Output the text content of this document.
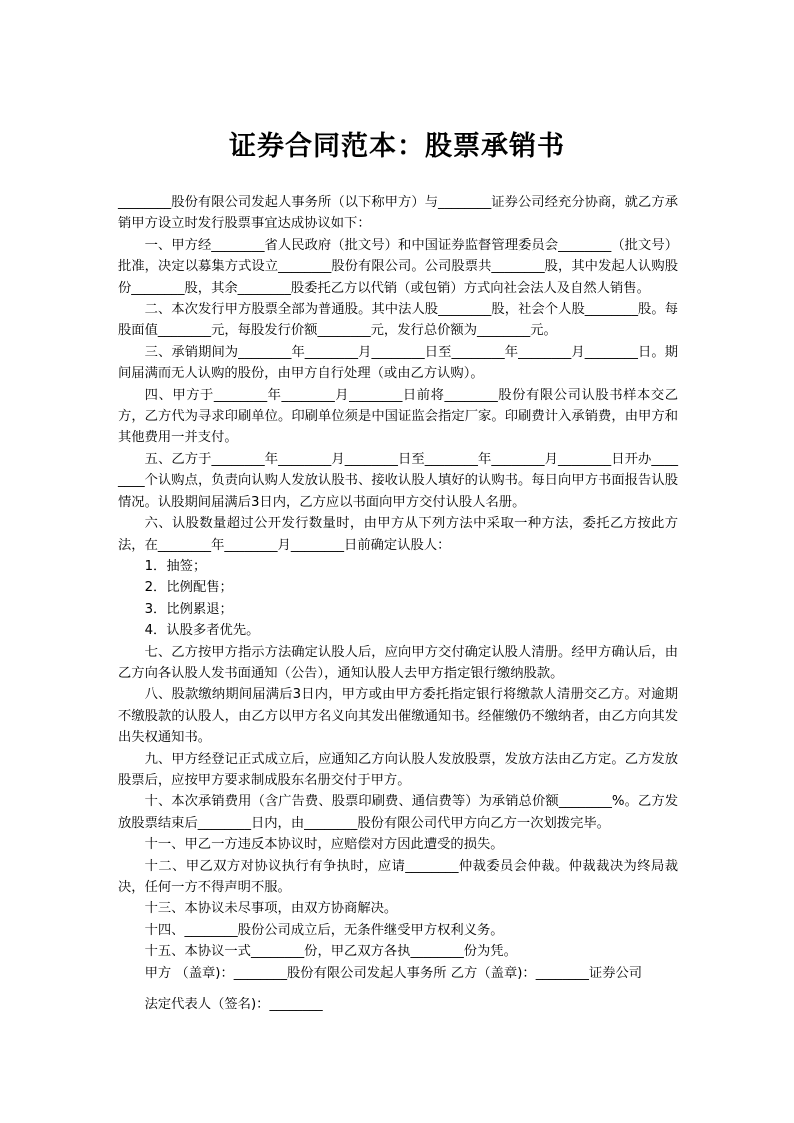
证券合同范本：股票承销书

________股份有限公司发起人事务所（以下称甲方）与________证券公司经充分协商，就乙方承销甲方设立时发行股票事宜达成协议如下：

一、甲方经________省人民政府（批文号）和中国证券监督管理委员会________（批文号）批准，决定以募集方式设立________股份有限公司。公司股票共________股，其中发起人认购股份________股，其余________股委托乙方以代销（或包销）方式向社会法人及自然人销售。

二、本次发行甲方股票全部为普通股。其中法人股________股，社会个人股________股。每股面值________元，每股发行价额________元，发行总价额为________元。

三、承销期间为________年________月________日至________年________月________日。期间届满而无人认购的股份，由甲方自行处理（或由乙方认购）。

四、甲方于________年________月________日前将________股份有限公司认股书样本交乙方，乙方代为寻求印刷单位。印刷单位须是中国证监会指定厂家。印刷费计入承销费，由甲方和其他费用一并支付。

五、乙方于________年________月________日至________年________月________日开办________个认购点，负责向认购人发放认股书、接收认股人填好的认购书。每日向甲方书面报告认股情况。认股期间届满后3日内，乙方应以书面向甲方交付认股人名册。

六、认股数量超过公开发行数量时，由甲方从下列方法中采取一种方法，委托乙方按此方法，在________年________月________日前确定认股人：

1．抽签；

2．比例配售；

3．比例累退；

4．认股多者优先。

七、乙方按甲方指示方法确定认股人后，应向甲方交付确定认股人清册。经甲方确认后，由乙方向各认股人发书面通知（公告），通知认股人去甲方指定银行缴纳股款。

八、股款缴纳期间届满后3日内，甲方或由甲方委托指定银行将缴款人清册交乙方。对逾期不缴股款的认股人，由乙方以甲方名义向其发出催缴通知书。经催缴仍不缴纳者，由乙方向其发出失权通知书。

九、甲方经登记正式成立后，应通知乙方向认股人发放股票，发放方法由乙方定。乙方发放股票后，应按甲方要求制成股东名册交付于甲方。

十、本次承销费用（含广告费、股票印刷费、通信费等）为承销总价额________%。乙方发放股票结束后________日内，由________股份有限公司代甲方向乙方一次划拨完毕。

十一、甲乙一方违反本协议时，应赔偿对方因此遭受的损失。

十二、甲乙双方对协议执行有争执时，应请________仲裁委员会仲裁。仲裁裁决为终局裁决，任何一方不得声明不服。

十三、本协议未尽事项，由双方协商解决。

十四、________股份公司成立后，无条件继受甲方权利义务。

十五、本协议一式________份，甲乙双方各执________份为凭。

甲方 （盖章)：________股份有限公司发起人事务所 乙方（盖章)：________证券公司

法定代表人（签名)：________
